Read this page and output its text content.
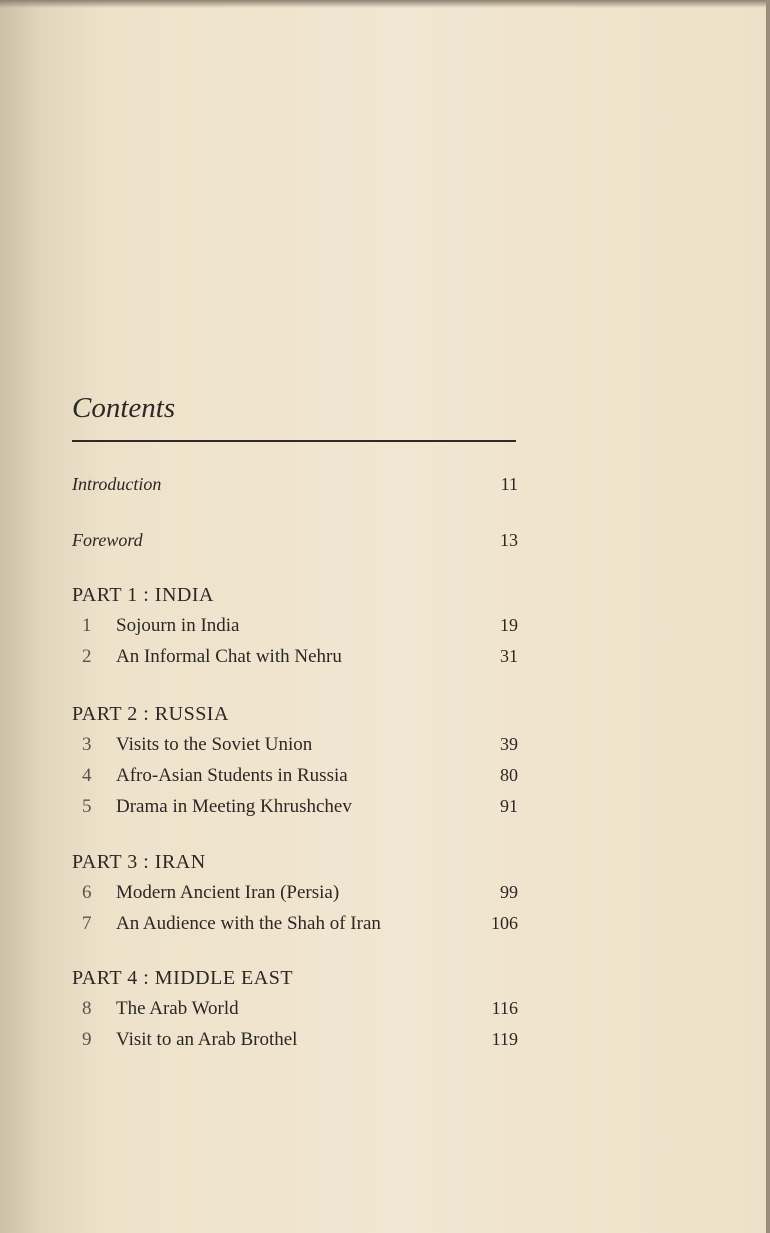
Contents
Introduction	11
Foreword	13
PART 1 : INDIA
1	Sojourn in India	19
2	An Informal Chat with Nehru	31
PART 2 : RUSSIA
3	Visits to the Soviet Union	39
4	Afro-Asian Students in Russia	80
5	Drama in Meeting Khrushchev	91
PART 3 : IRAN
6	Modern Ancient Iran (Persia)	99
7	An Audience with the Shah of Iran	106
PART 4 : MIDDLE EAST
8	The Arab World	116
9	Visit to an Arab Brothel	119
